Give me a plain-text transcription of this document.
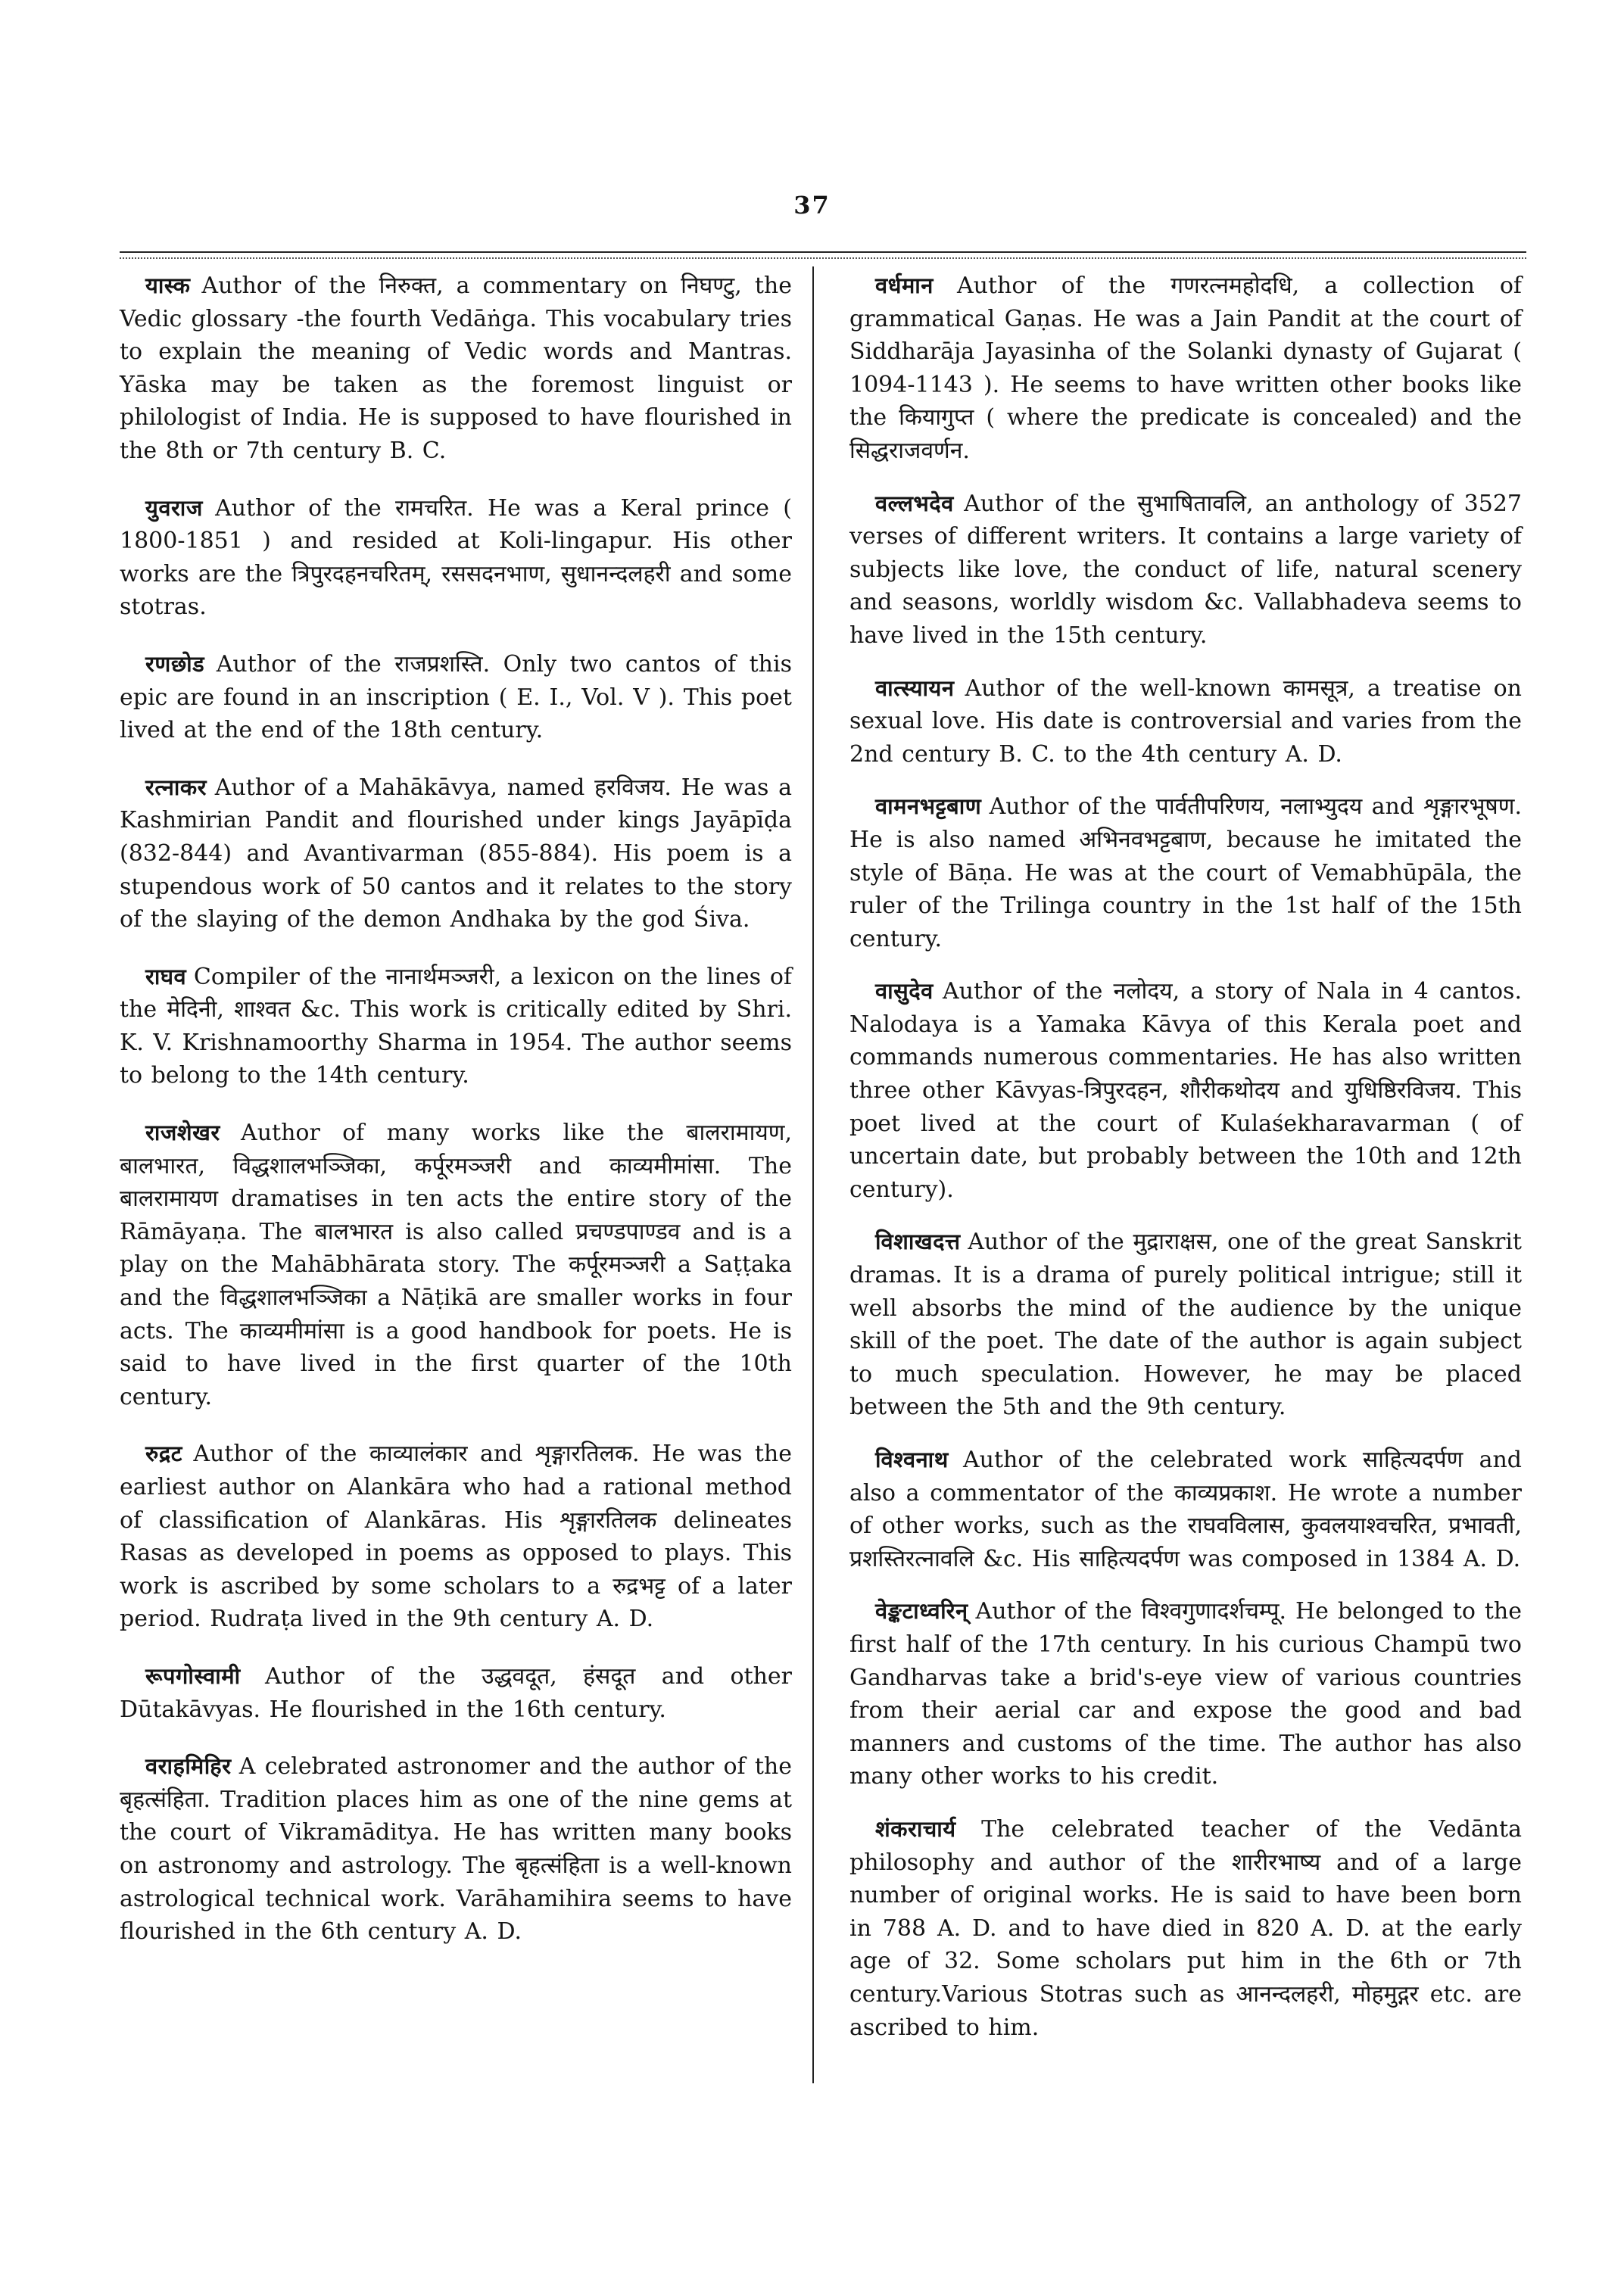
37

यास्क Author of the निरुक्त, a commentary on निघण्टु, the Vedic glossary -the fourth Vedāṅga. This vocabulary tries to explain the meaning of Vedic words and Mantras. Yāska may be taken as the foremost linguist or philologist of India. He is supposed to have flourished in the 8th or 7th century B. C.

युवराज Author of the रामचरित. He was a Keral prince ( 1800-1851 ) and resided at Koli-lingapur. His other works are the त्रिपुरदहनचरितम्, रससदनभाण, सुधानन्दलहरी and some stotras.

रणछोड Author of the राजप्रशस्ति. Only two cantos of this epic are found in an inscription ( E. I., Vol. V ). This poet lived at the end of the 18th century.

रत्नाकर Author of a Mahākāvya, named हरविजय. He was a Kashmirian Pandit and flourished under kings Jayāpīḍa (832-844) and Avantivarman (855-884). His poem is a stupendous work of 50 cantos and it relates to the story of the slaying of the demon Andhaka by the god Śiva.

राघव Compiler of the नानार्थमञ्जरी, a lexicon on the lines of the मेदिनी, शाश्वत &c. This work is critically edited by Shri. K. V. Krishnamoorthy Sharma in 1954. The author seems to belong to the 14th century.

राजशेखर Author of many works like the बालरामायण, बालभारत, विद्धशालभञ्जिका, कर्पूरमञ्जरी and काव्यमीमांसा. The बालरामायण dramatises in ten acts the entire story of the Rāmāyaṇa. The बालभारत is also called प्रचण्डपाण्डव and is a play on the Mahābhārata story. The कर्पूरमञ्जरी a Saṭṭaka and the विद्धशालभञ्जिका a Nāṭikā are smaller works in four acts. The काव्यमीमांसा is a good handbook for poets. He is said to have lived in the first quarter of the 10th century.

रुद्रट Author of the काव्यालंकार and शृङ्गारतिलक. He was the earliest author on Alankāra who had a rational method of classification of Alankāras. His शृङ्गारतिलक delineates Rasas as developed in poems as opposed to plays. This work is ascribed by some scholars to a रुद्रभट्ट of a later period. Rudraṭa lived in the 9th century A. D.

रूपगोस्वामी Author of the उद्धवदूत, हंसदूत and other Dūtakāvyas. He flourished in the 16th century.

वराहमिहिर A celebrated astronomer and the author of the बृहत्संहिता. Tradition places him as one of the nine gems at the court of Vikramāditya. He has written many books on astronomy and astrology. The बृहत्संहिता is a well-known astrological technical work. Varāhamihira seems to have flourished in the 6th century A. D.

वर्धमान Author of the गणरत्नमहोदधि, a collection of grammatical Gaṇas. He was a Jain Pandit at the court of Siddharāja Jayasinha of the Solanki dynasty of Gujarat ( 1094-1143 ). He seems to have written other books like the कियागुप्त ( where the predicate is concealed) and the सिद्धराजवर्णन.

वल्लभदेव Author of the सुभाषितावलि, an anthology of 3527 verses of different writers. It contains a large variety of subjects like love, the conduct of life, natural scenery and seasons, worldly wisdom &c. Vallabhadeva seems to have lived in the 15th century.

वात्स्यायन Author of the well-known कामसूत्र, a treatise on sexual love. His date is controversial and varies from the 2nd century B. C. to the 4th century A. D.

वामनभट्टबाण Author of the पार्वतीपरिणय, नलाभ्युदय and शृङ्गारभूषण. He is also named अभिनवभट्टबाण, because he imitated the style of Bāṇa. He was at the court of Vemabhūpāla, the ruler of the Trilinga country in the 1st half of the 15th century.

वासुदेव Author of the नलोदय, a story of Nala in 4 cantos. Nalodaya is a Yamaka Kāvya of this Kerala poet and commands numerous commentaries. He has also written three other Kāvyas-त्रिपुरदहन, शौरीकथोदय and युधिष्ठिरविजय. This poet lived at the court of Kulaśekharavarman ( of uncertain date, but probably between the 10th and 12th century).

विशाखदत्त Author of the मुद्राराक्षस, one of the great Sanskrit dramas. It is a drama of purely political intrigue; still it well absorbs the mind of the audience by the unique skill of the poet. The date of the author is again subject to much speculation. However, he may be placed between the 5th and the 9th century.

विश्वनाथ Author of the celebrated work साहित्यदर्पण and also a commentator of the काव्यप्रकाश. He wrote a number of other works, such as the राघवविलास, कुवलयाश्वचरित, प्रभावती, प्रशस्तिरत्नावलि &c. His साहित्यदर्पण was composed in 1384 A. D.

वेङ्कटाध्वरिन् Author of the विश्वगुणादर्शचम्पू. He belonged to the first half of the 17th century. In his curious Champū two Gandharvas take a brid's-eye view of various countries from their aerial car and expose the good and bad manners and customs of the time. The author has also many other works to his credit.

शंकराचार्य The celebrated teacher of the Vedānta philosophy and author of the शारीरभाष्य and of a large number of original works. He is said to have been born in 788 A. D. and to have died in 820 A. D. at the early age of 32. Some scholars put him in the 6th or 7th century.Various Stotras such as आनन्दलहरी, मोहमुद्गर etc. are ascribed to him.
